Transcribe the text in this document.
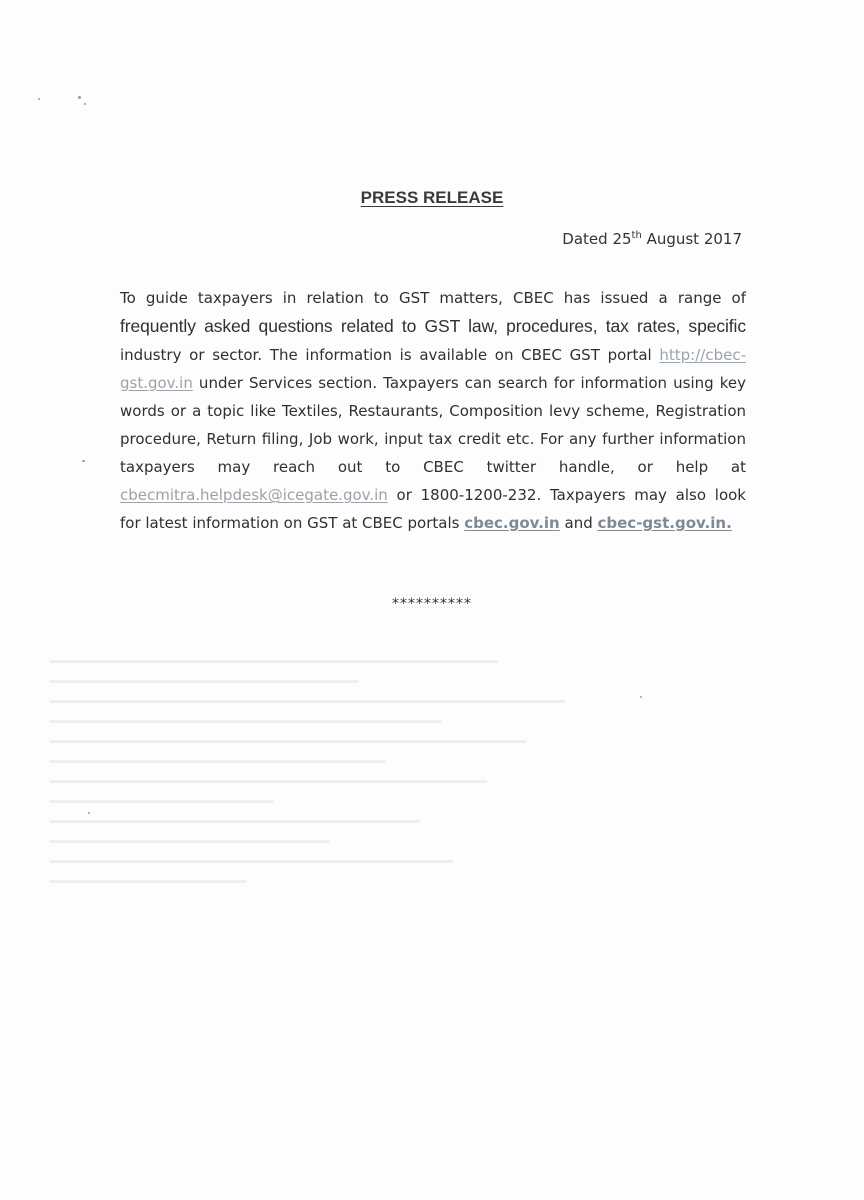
PRESS RELEASE
Dated 25th August 2017
To guide taxpayers in relation to GST matters, CBEC has issued a range of frequently asked questions related to GST law, procedures, tax rates, specific industry or sector. The information is available on CBEC GST portal http://cbec-gst.gov.in under Services section. Taxpayers can search for information using key words or a topic like Textiles, Restaurants, Composition levy scheme, Registration procedure, Return filing, Job work, input tax credit etc. For any further information taxpayers may reach out to CBEC twitter handle, or help at cbecmitra.helpdesk@icegate.gov.in or 1800-1200-232. Taxpayers may also look for latest information on GST at CBEC portals cbec.gov.in and cbec-gst.gov.in.
**********
